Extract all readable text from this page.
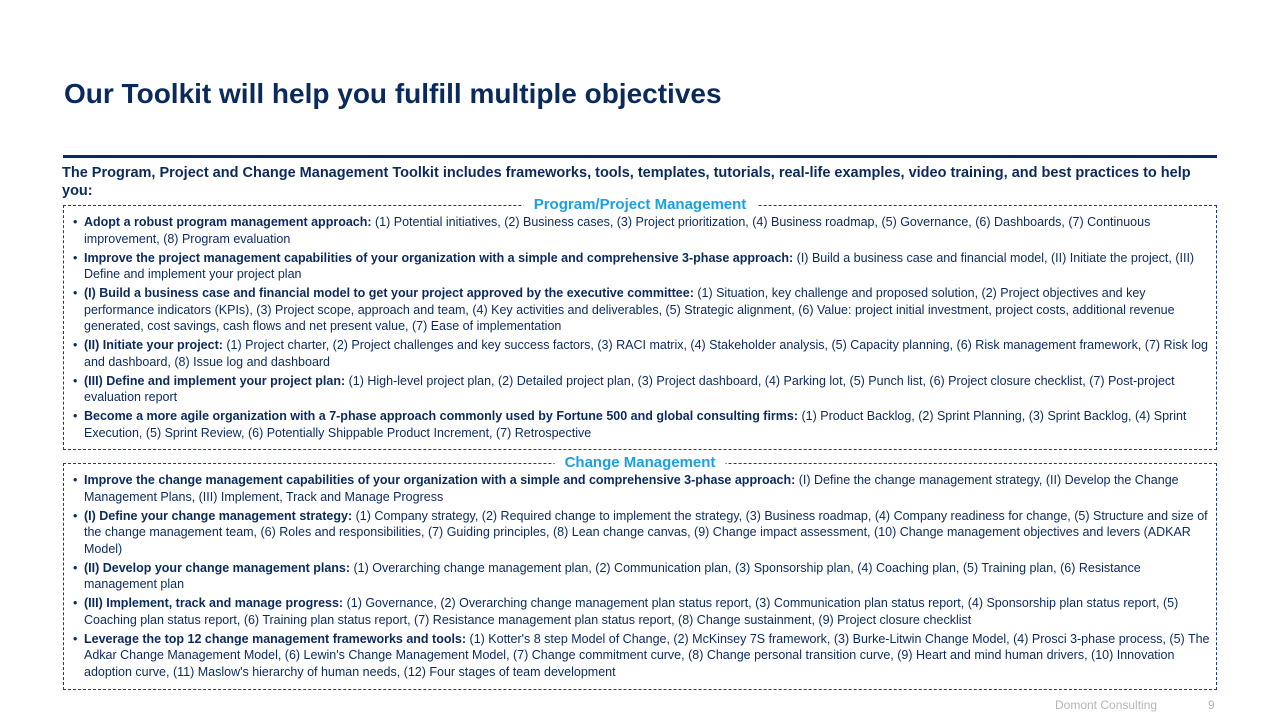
Our Toolkit will help you fulfill multiple objectives

The Program, Project and Change Management Toolkit includes frameworks, tools, templates, tutorials, real-life examples, video training, and best practices to help you:

Program/Project Management
• Adopt a robust program management approach: (1) Potential initiatives, (2) Business cases, (3) Project prioritization, (4) Business roadmap, (5) Governance, (6) Dashboards, (7) Continuous improvement, (8) Program evaluation
• Improve the project management capabilities of your organization with a simple and comprehensive 3-phase approach: (I) Build a business case and financial model, (II) Initiate the project, (III) Define and implement your project plan
• (I) Build a business case and financial model to get your project approved by the executive committee: (1) Situation, key challenge and proposed solution, (2) Project objectives and key performance indicators (KPIs), (3) Project scope, approach and team, (4) Key activities and deliverables, (5) Strategic alignment, (6) Value: project initial investment, project costs, additional revenue generated, cost savings, cash flows and net present value, (7) Ease of implementation
• (II) Initiate your project: (1) Project charter, (2) Project challenges and key success factors, (3) RACI matrix, (4) Stakeholder analysis, (5) Capacity planning, (6) Risk management framework, (7) Risk log and dashboard, (8) Issue log and dashboard
• (III) Define and implement your project plan: (1) High-level project plan, (2) Detailed project plan, (3) Project dashboard, (4) Parking lot, (5) Punch list, (6) Project closure checklist, (7) Post-project evaluation report
• Become a more agile organization with a 7-phase approach commonly used by Fortune 500 and global consulting firms: (1) Product Backlog, (2) Sprint Planning, (3) Sprint Backlog, (4) Sprint Execution, (5) Sprint Review, (6) Potentially Shippable Product Increment, (7) Retrospective
Change Management
• Improve the change management capabilities of your organization with a simple and comprehensive 3-phase approach: (I) Define the change management strategy, (II) Develop the Change Management Plans, (III) Implement, Track and Manage Progress
• (I) Define your change management strategy: (1) Company strategy, (2) Required change to implement the strategy, (3) Business roadmap, (4) Company readiness for change, (5) Structure and size of the change management team, (6) Roles and responsibilities, (7) Guiding principles, (8) Lean change canvas, (9) Change impact assessment, (10) Change management objectives and levers (ADKAR Model)
• (II) Develop your change management plans: (1) Overarching change management plan, (2) Communication plan, (3) Sponsorship plan, (4) Coaching plan, (5) Training plan, (6) Resistance management plan
• (III) Implement, track and manage progress: (1) Governance, (2) Overarching change management plan status report, (3) Communication plan status report, (4) Sponsorship plan status report, (5) Coaching plan status report, (6) Training plan status report, (7) Resistance management plan status report, (8) Change sustainment, (9) Project closure checklist
• Leverage the top 12 change management frameworks and tools: (1) Kotter's 8 step Model of Change, (2) McKinsey 7S framework, (3) Burke-Litwin Change Model, (4) Prosci 3-phase process, (5) The Adkar Change Management Model, (6) Lewin's Change Management Model, (7) Change commitment curve, (8) Change personal transition curve, (9) Heart and mind human drivers, (10) Innovation adoption curve, (11) Maslow's hierarchy of human needs, (12) Four stages of team development
Domont Consulting	9
